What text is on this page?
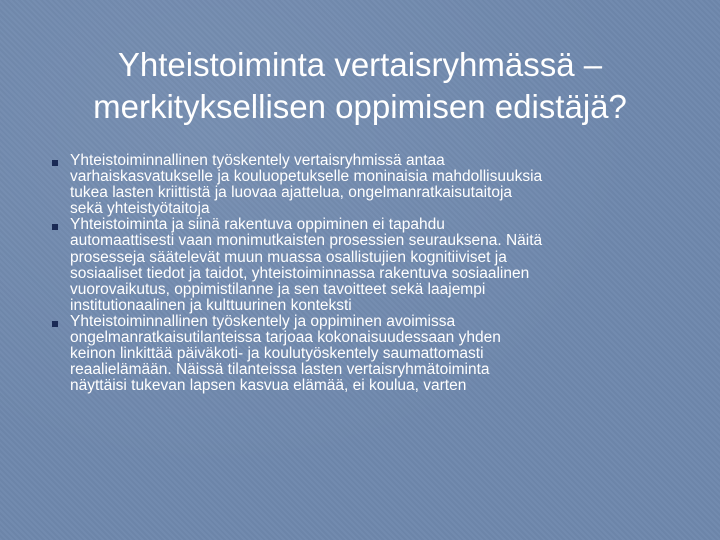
Yhteistoiminta vertaisryhmässä –
merkityksellisen oppimisen edistäjä?
Yhteistoiminnallinen työskentely vertaisryhmissä antaa
varhaiskasvatukselle ja kouluopetukselle moninaisia mahdollisuuksia
tukea lasten kriittistä ja luovaa ajattelua, ongelmanratkaisutaitoja
sekä yhteistyötaitoja
Yhteistoiminta ja siinä rakentuva oppiminen ei tapahdu
automaattisesti vaan monimutkaisten prosessien seurauksena. Näitä
prosesseja säätelevät muun muassa osallistujien kognitiiviset ja
sosiaaliset tiedot ja taidot, yhteistoiminnassa rakentuva sosiaalinen
vuorovaikutus, oppimistilanne ja sen tavoitteet sekä laajempi
institutionaalinen ja kulttuurinen konteksti
Yhteistoiminnallinen työskentely ja oppiminen avoimissa
ongelmanratkaisutilanteissa tarjoaa kokonaisuudessaan yhden
keinon linkittää päiväkoti- ja koulutyöskentely saumattomasti
reaalielämään. Näissä tilanteissa lasten vertaisryhmätoiminta
näyttäisi tukevan lapsen kasvua elämää, ei koulua, varten
